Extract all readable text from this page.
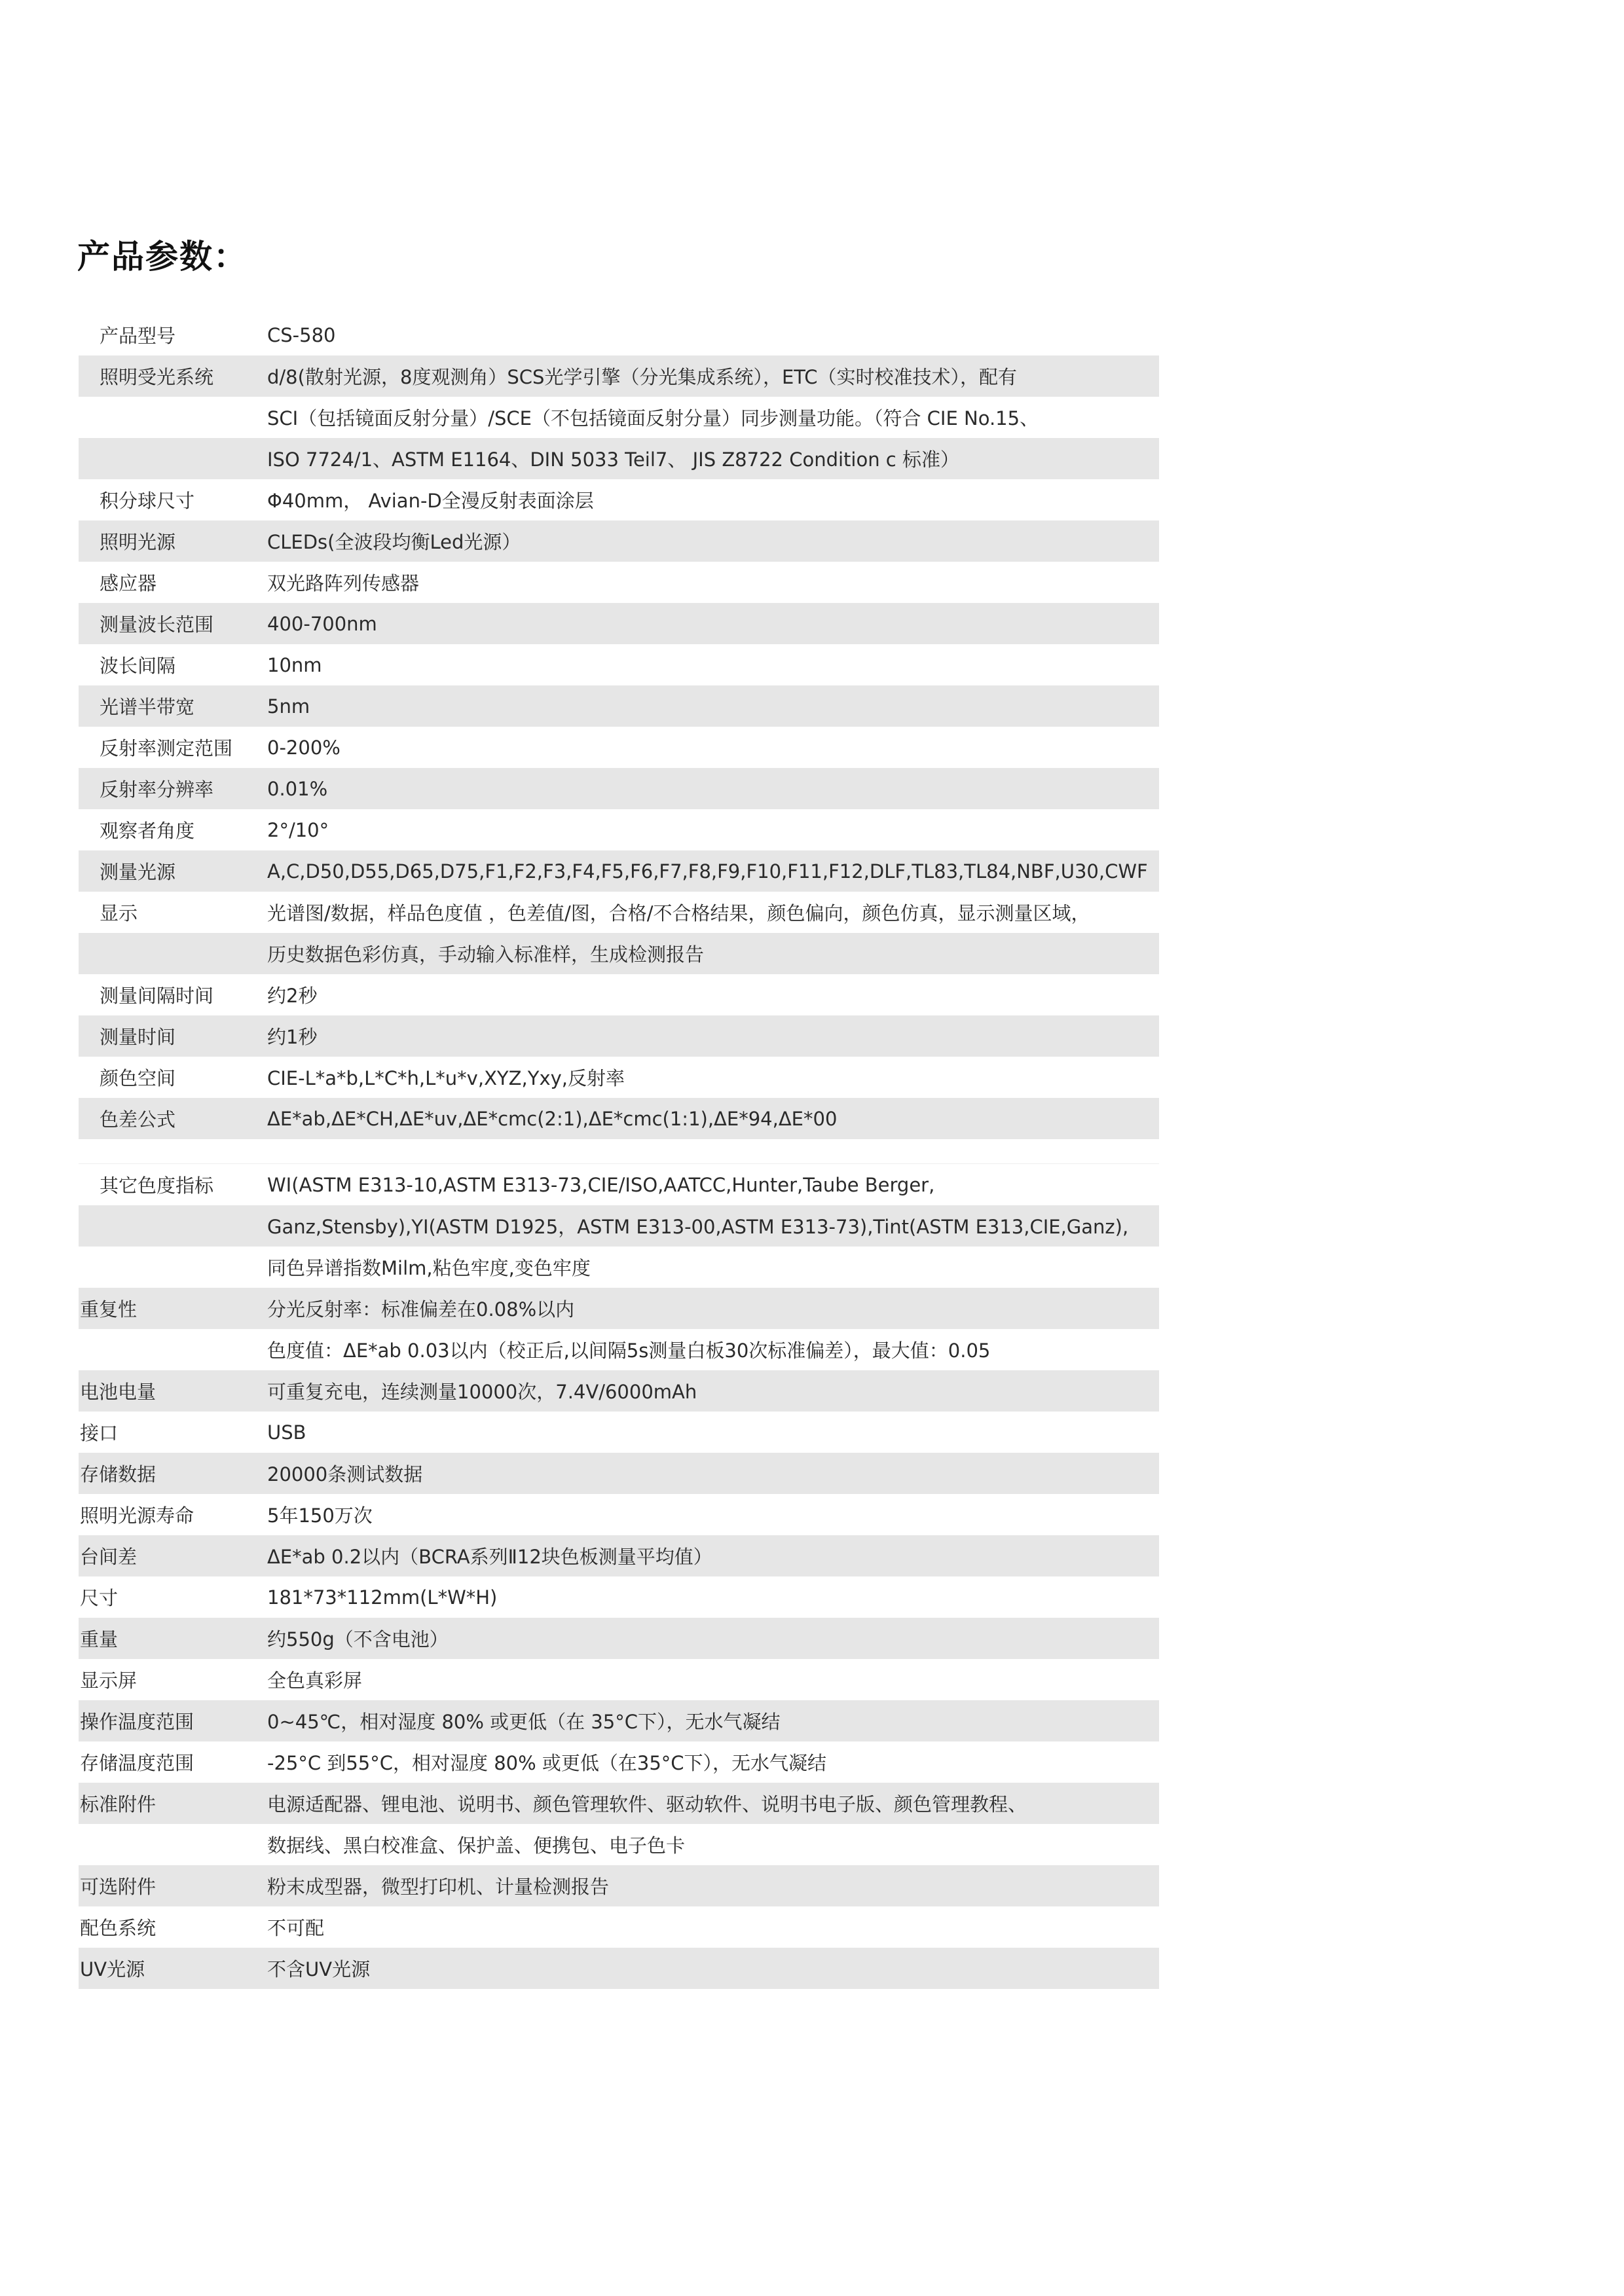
产品参数：
产品型号	CS-580
照明受光系统	d/8(散射光源，8度观测角）SCS光学引擎（分光集成系统），ETC（实时校准技术），配有
SCI（包括镜面反射分量）/SCE（不包括镜面反射分量）同步测量功能。（符合 CIE No.15、
ISO 7724/1、ASTM E1164、DIN 5033 Teil7、 JIS Z8722 Condition c 标准）
积分球尺寸	Φ40mm， Avian-D全漫反射表面涂层
照明光源	CLEDs(全波段均衡Led光源）
感应器	双光路阵列传感器
测量波长范围	400-700nm
波长间隔	10nm
光谱半带宽	5nm
反射率测定范围	0-200%
反射率分辨率	0.01%
观察者角度	2°/10°
测量光源	A,C,D50,D55,D65,D75,F1,F2,F3,F4,F5,F6,F7,F8,F9,F10,F11,F12,DLF,TL83,TL84,NBF,U30,CWF
显示	光谱图/数据，样品色度值 ，色差值/图，合格/不合格结果，颜色偏向，颜色仿真，显示测量区域，
历史数据色彩仿真，手动输入标准样，生成检测报告
测量间隔时间	约2秒
测量时间	约1秒
颜色空间	CIE-L*a*b,L*C*h,L*u*v,XYZ,Yxy,反射率
色差公式	ΔE*ab,ΔE*CH,ΔE*uv,ΔE*cmc(2:1),ΔE*cmc(1:1),ΔE*94,ΔE*00
其它色度指标	WI(ASTM E313-10,ASTM E313-73,CIE/ISO,AATCC,Hunter,Taube Berger,
Ganz,Stensby),YI(ASTM D1925，ASTM E313-00,ASTM E313-73),Tint(ASTM E313,CIE,Ganz),
同色异谱指数Milm,粘色牢度,变色牢度
重复性	分光反射率：标准偏差在0.08%以内
色度值：ΔE*ab 0.03以内（校正后,以间隔5s测量白板30次标准偏差），最大值：0.05
电池电量	可重复充电，连续测量10000次，7.4V/6000mAh
接口	USB
存储数据	20000条测试数据
照明光源寿命	5年150万次
台间差	ΔE*ab 0.2以内（BCRA系列Ⅱ12块色板测量平均值）
尺寸	181*73*112mm(L*W*H)
重量	约550g（不含电池）
显示屏	全色真彩屏
操作温度范围	0~45℃，相对湿度 80% 或更低（在 35°C下），无水气凝结
存储温度范围	-25°C 到55°C，相对湿度 80% 或更低（在35°C下），无水气凝结
标准附件	电源适配器、锂电池、说明书、颜色管理软件、驱动软件、说明书电子版、颜色管理教程、
数据线、黑白校准盒、保护盖、便携包、电子色卡
可选附件	粉末成型器，微型打印机、计量检测报告
配色系统	不可配
UV光源	不含UV光源
